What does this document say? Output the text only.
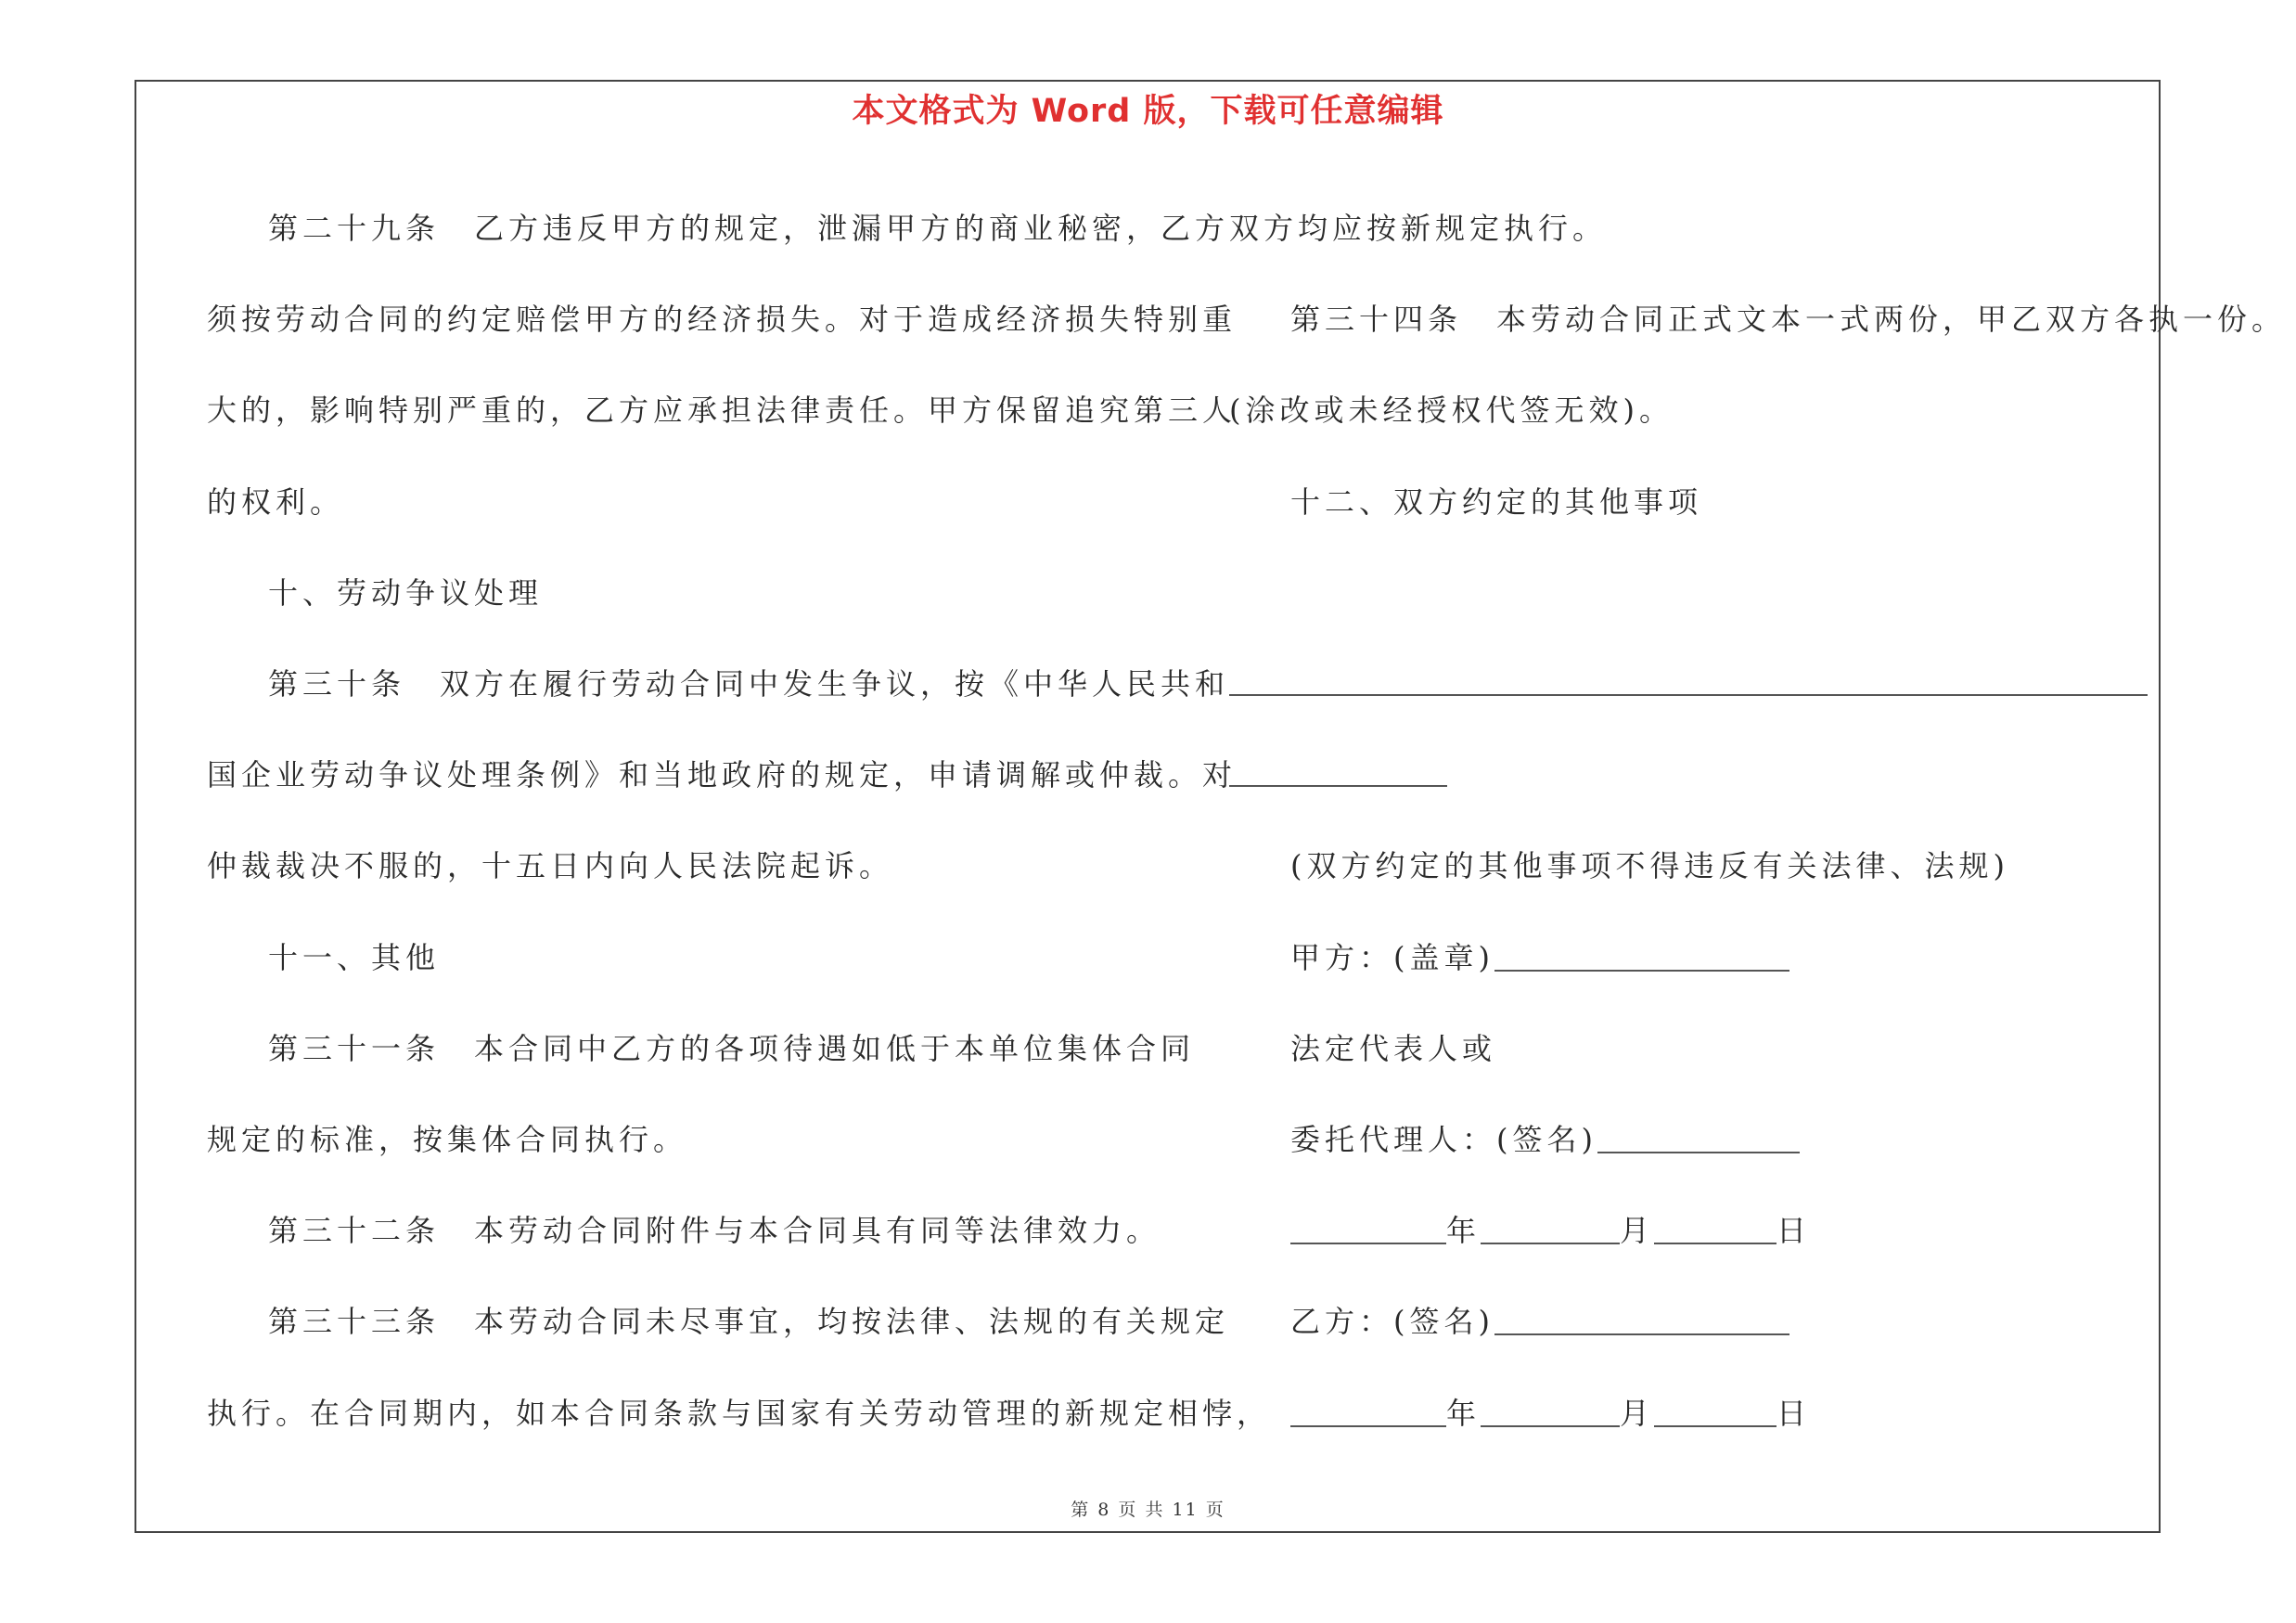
本文格式为 Word 版，下载可任意编辑

第二十九条　乙方违反甲方的规定，泄漏甲方的商业秘密，乙方

须按劳动合同的约定赔偿甲方的经济损失。对于造成经济损失特别重

大的，影响特别严重的，乙方应承担法律责任。甲方保留追究第三人

的权利。

十、劳动争议处理

第三十条　双方在履行劳动合同中发生争议，按《中华人民共和

国企业劳动争议处理条例》和当地政府的规定，申请调解或仲裁。对

仲裁裁决不服的，十五日内向人民法院起诉。

十一、其他

第三十一条　本合同中乙方的各项待遇如低于本单位集体合同

规定的标准，按集体合同执行。

第三十二条　本劳动合同附件与本合同具有同等法律效力。

第三十三条　本劳动合同未尽事宜，均按法律、法规的有关规定

执行。在合同期内，如本合同条款与国家有关劳动管理的新规定相悖，

双方均应按新规定执行。

第三十四条　本劳动合同正式文本一式两份，甲乙双方各执一份。

(涂改或未经授权代签无效)。

十二、双方约定的其他事项

(双方约定的其他事项不得违反有关法律、法规)

甲方：(盖章)

法定代表人或

委托代理人：(签名)

年	月	日

乙方：(签名)

年	月	日

第 8 页 共 11 页
